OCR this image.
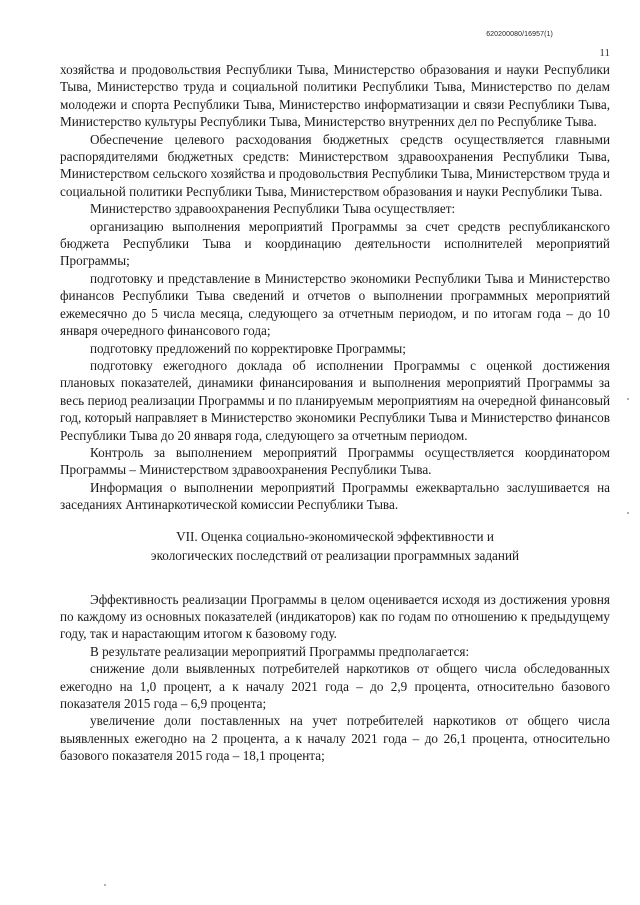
620200080/16957(1)
11

хозяйства и продовольствия Республики Тыва, Министерство образования и науки Республики Тыва, Министерство труда и социальной политики Республики Тыва, Министерство по делам молодежи и спорта Республики Тыва, Министерство информатизации и связи Республики Тыва, Министерство культуры Республики Тыва, Министерство внутренних дел по Республике Тыва.

Обеспечение целевого расходования бюджетных средств осуществляется главными распорядителями бюджетных средств: Министерством здравоохранения Республики Тыва, Министерством сельского хозяйства и продовольствия Республики Тыва, Министерством труда и социальной политики Республики Тыва, Министерством образования и науки Республики Тыва.

Министерство здравоохранения Республики Тыва осуществляет:

организацию выполнения мероприятий Программы за счет средств республиканского бюджета Республики Тыва и координацию деятельности исполнителей мероприятий Программы;

подготовку и представление в Министерство экономики Республики Тыва и Министерство финансов Республики Тыва сведений и отчетов о выполнении программных мероприятий ежемесячно до 5 числа месяца, следующего за отчетным периодом, и по итогам года – до 10 января очередного финансового года;

подготовку предложений по корректировке Программы;

подготовку ежегодного доклада об исполнении Программы с оценкой достижения плановых показателей, динамики финансирования и выполнения мероприятий Программы за весь период реализации Программы и по планируемым мероприятиям на очередной финансовый год, который направляет в Министерство экономики Республики Тыва и Министерство финансов Республики Тыва до 20 января года, следующего за отчетным периодом.

Контроль за выполнением мероприятий Программы осуществляется координатором Программы – Министерством здравоохранения Республики Тыва.

Информация о выполнении мероприятий Программы ежеквартально заслушивается на заседаниях Антинаркотической комиссии Республики Тыва.

VII. Оценка социально-экономической эффективности и
экологических последствий от реализации программных заданий

Эффективность реализации Программы в целом оценивается исходя из достижения уровня по каждому из основных показателей (индикаторов) как по годам по отношению к предыдущему году, так и нарастающим итогом к базовому году.

В результате реализации мероприятий Программы предполагается:

снижение доли выявленных потребителей наркотиков от общего числа обследованных ежегодно на 1,0 процент, а к началу 2021 года – до 2,9 процента, относительно базового показателя 2015 года – 6,9 процента;

увеличение доли поставленных на учет потребителей наркотиков от общего числа выявленных ежегодно на 2 процента, а к началу 2021 года – до 26,1 процента, относительно базового показателя 2015 года – 18,1 процента;
